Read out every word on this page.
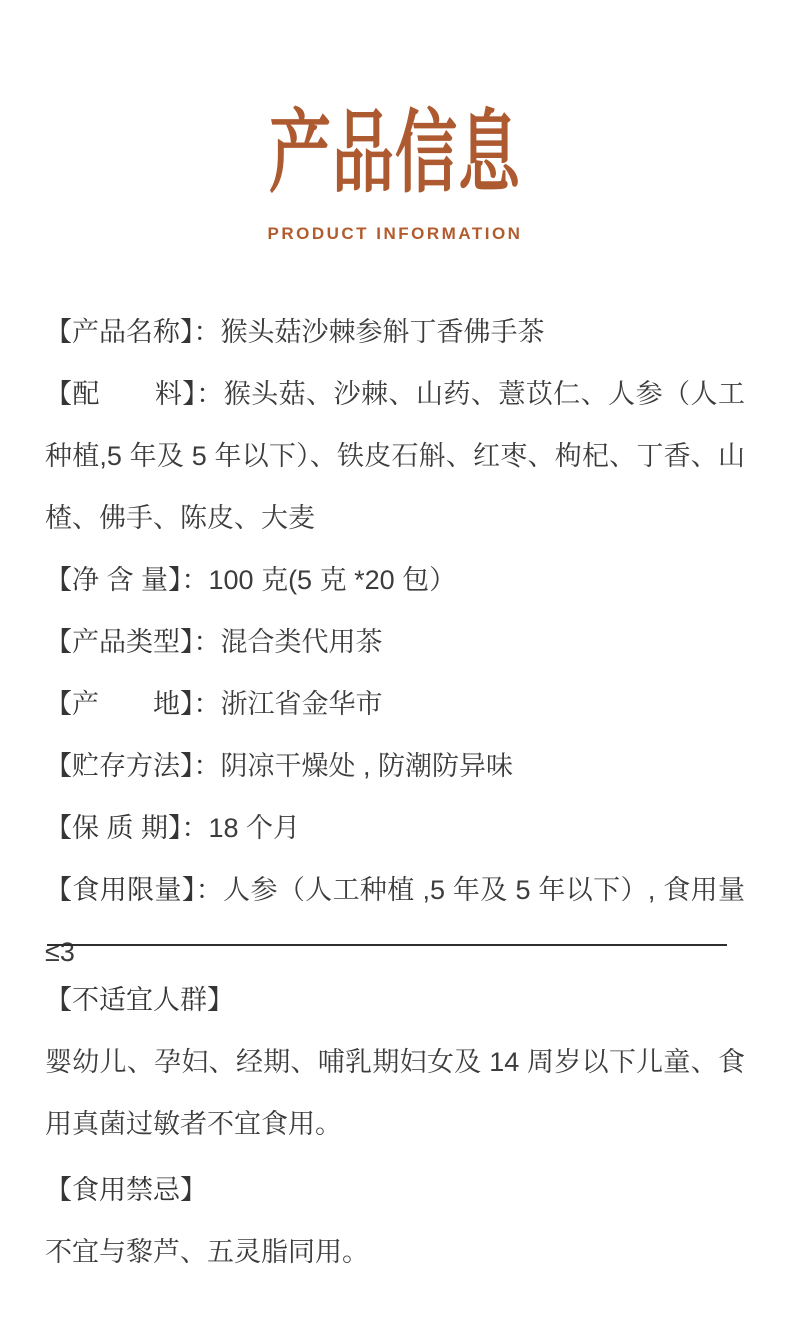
产品信息
PRODUCT INFORMATION

【产品名称】：猴头菇沙棘参斛丁香佛手茶

【配　　料】：猴头菇、沙棘、山药、薏苡仁、人参（人工种植,5 年及 5 年以下）、铁皮石斛、红枣、枸杞、丁香、山楂、佛手、陈皮、大麦

【净 含 量】：100 克(5 克 *20 包）

【产品类型】：混合类代用茶

【产　　地】：浙江省金华市

【贮存方法】：阴凉干燥处 , 防潮防异味

【保 质 期】：18 个月

【食用限量】：人参（人工种植 ,5 年及 5 年以下）, 食用量≤3

【不适宜人群】

婴幼儿、孕妇、经期、哺乳期妇女及 14 周岁以下儿童、食用真菌过敏者不宜食用。

【食用禁忌】

不宜与黎芦、五灵脂同用。
